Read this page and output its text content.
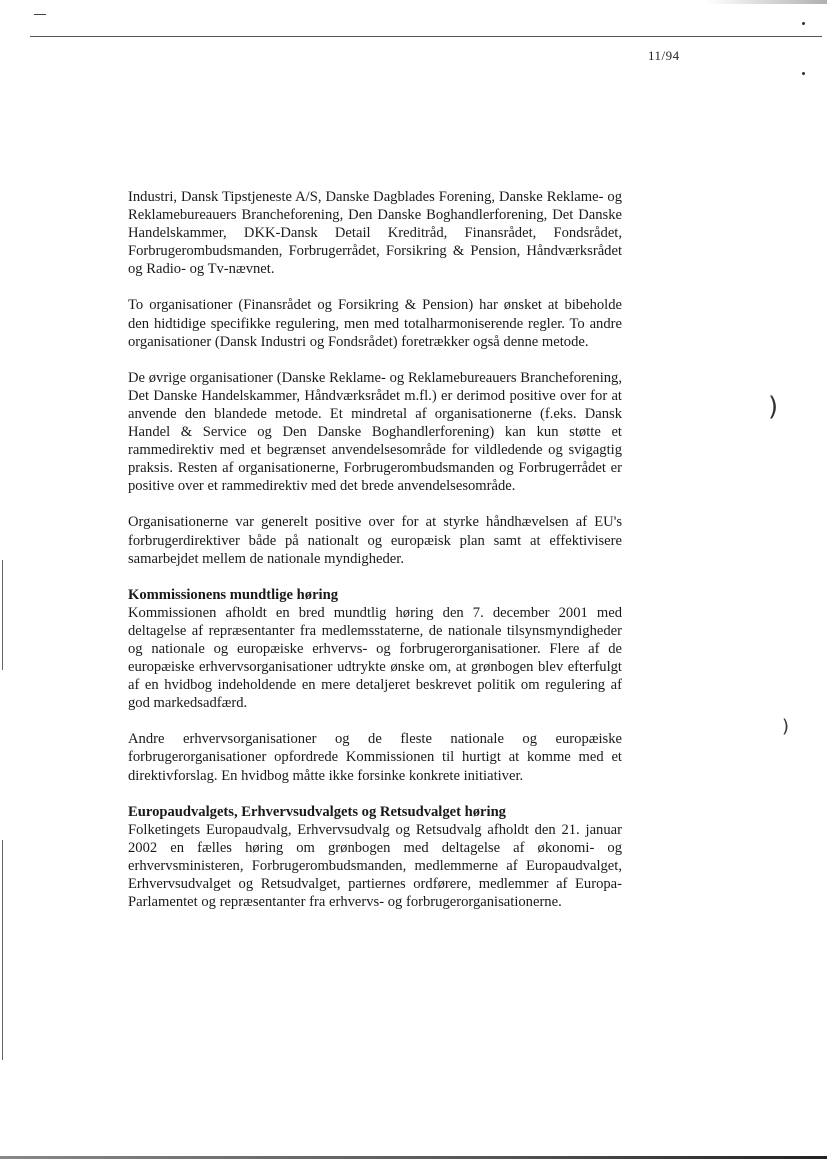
)
)
11/94

Industri, Dansk Tipstjeneste A/S, Danske Dagblades Forening, Danske Reklame- og Reklamebureauers Brancheforening, Den Danske Boghandlerforening, Det Danske Handelskammer, DKK-Dansk Detail Kreditråd, Finansrådet, Fondsrådet, Forbrugerombudsmanden, Forbrugerrådet, Forsikring & Pension, Håndværksrådet og Radio- og Tv-nævnet.

To organisationer (Finansrådet og Forsikring & Pension) har ønsket at bibeholde den hidtidige specifikke regulering, men med totalharmoniserende regler. To andre organisationer (Dansk Industri og Fondsrådet) foretrækker også denne metode.

De øvrige organisationer (Danske Reklame- og Reklamebureauers Brancheforening, Det Danske Handelskammer, Håndværksrådet m.fl.) er derimod positive over for at anvende den blandede metode. Et mindretal af organisationerne (f.eks. Dansk Handel & Service og Den Danske Boghandlerforening) kan kun støtte et rammedirektiv med et begrænset anvendelsesområde for vildledende og svigagtig praksis. Resten af organisationerne, Forbrugerombudsmanden og Forbrugerrådet er positive over et rammedirektiv med det brede anvendelsesområde.

Organisationerne var generelt positive over for at styrke håndhævelsen af EU's forbrugerdirektiver både på nationalt og europæisk plan samt at effektivisere samarbejdet mellem de nationale myndigheder.

Kommissionens mundtlige høring

Kommissionen afholdt en bred mundtlig høring den 7. december 2001 med deltagelse af repræsentanter fra medlemsstaterne, de nationale tilsynsmyndigheder og nationale og europæiske erhvervs- og forbrugerorganisationer. Flere af de europæiske erhvervsorganisationer udtrykte ønske om, at grønbogen blev efterfulgt af en hvidbog indeholdende en mere detaljeret beskrevet politik om regulering af god markedsadfærd.

Andre erhvervsorganisationer og de fleste nationale og europæiske forbrugerorganisationer opfordrede Kommissionen til hurtigt at komme med et direktivforslag. En hvidbog måtte ikke forsinke konkrete initiativer.

Europaudvalgets, Erhvervsudvalgets og Retsudvalget høring

Folketingets Europaudvalg, Erhvervsudvalg og Retsudvalg afholdt den 21. januar 2002 en fælles høring om grønbogen med deltagelse af økonomi- og erhvervsministeren, Forbrugerombudsmanden, medlemmerne af Europaudvalget, Erhvervsudvalget og Retsudvalget, partiernes ordførere, medlemmer af Europa-Parlamentet og repræsentanter fra erhvervs- og forbrugerorganisationerne.
